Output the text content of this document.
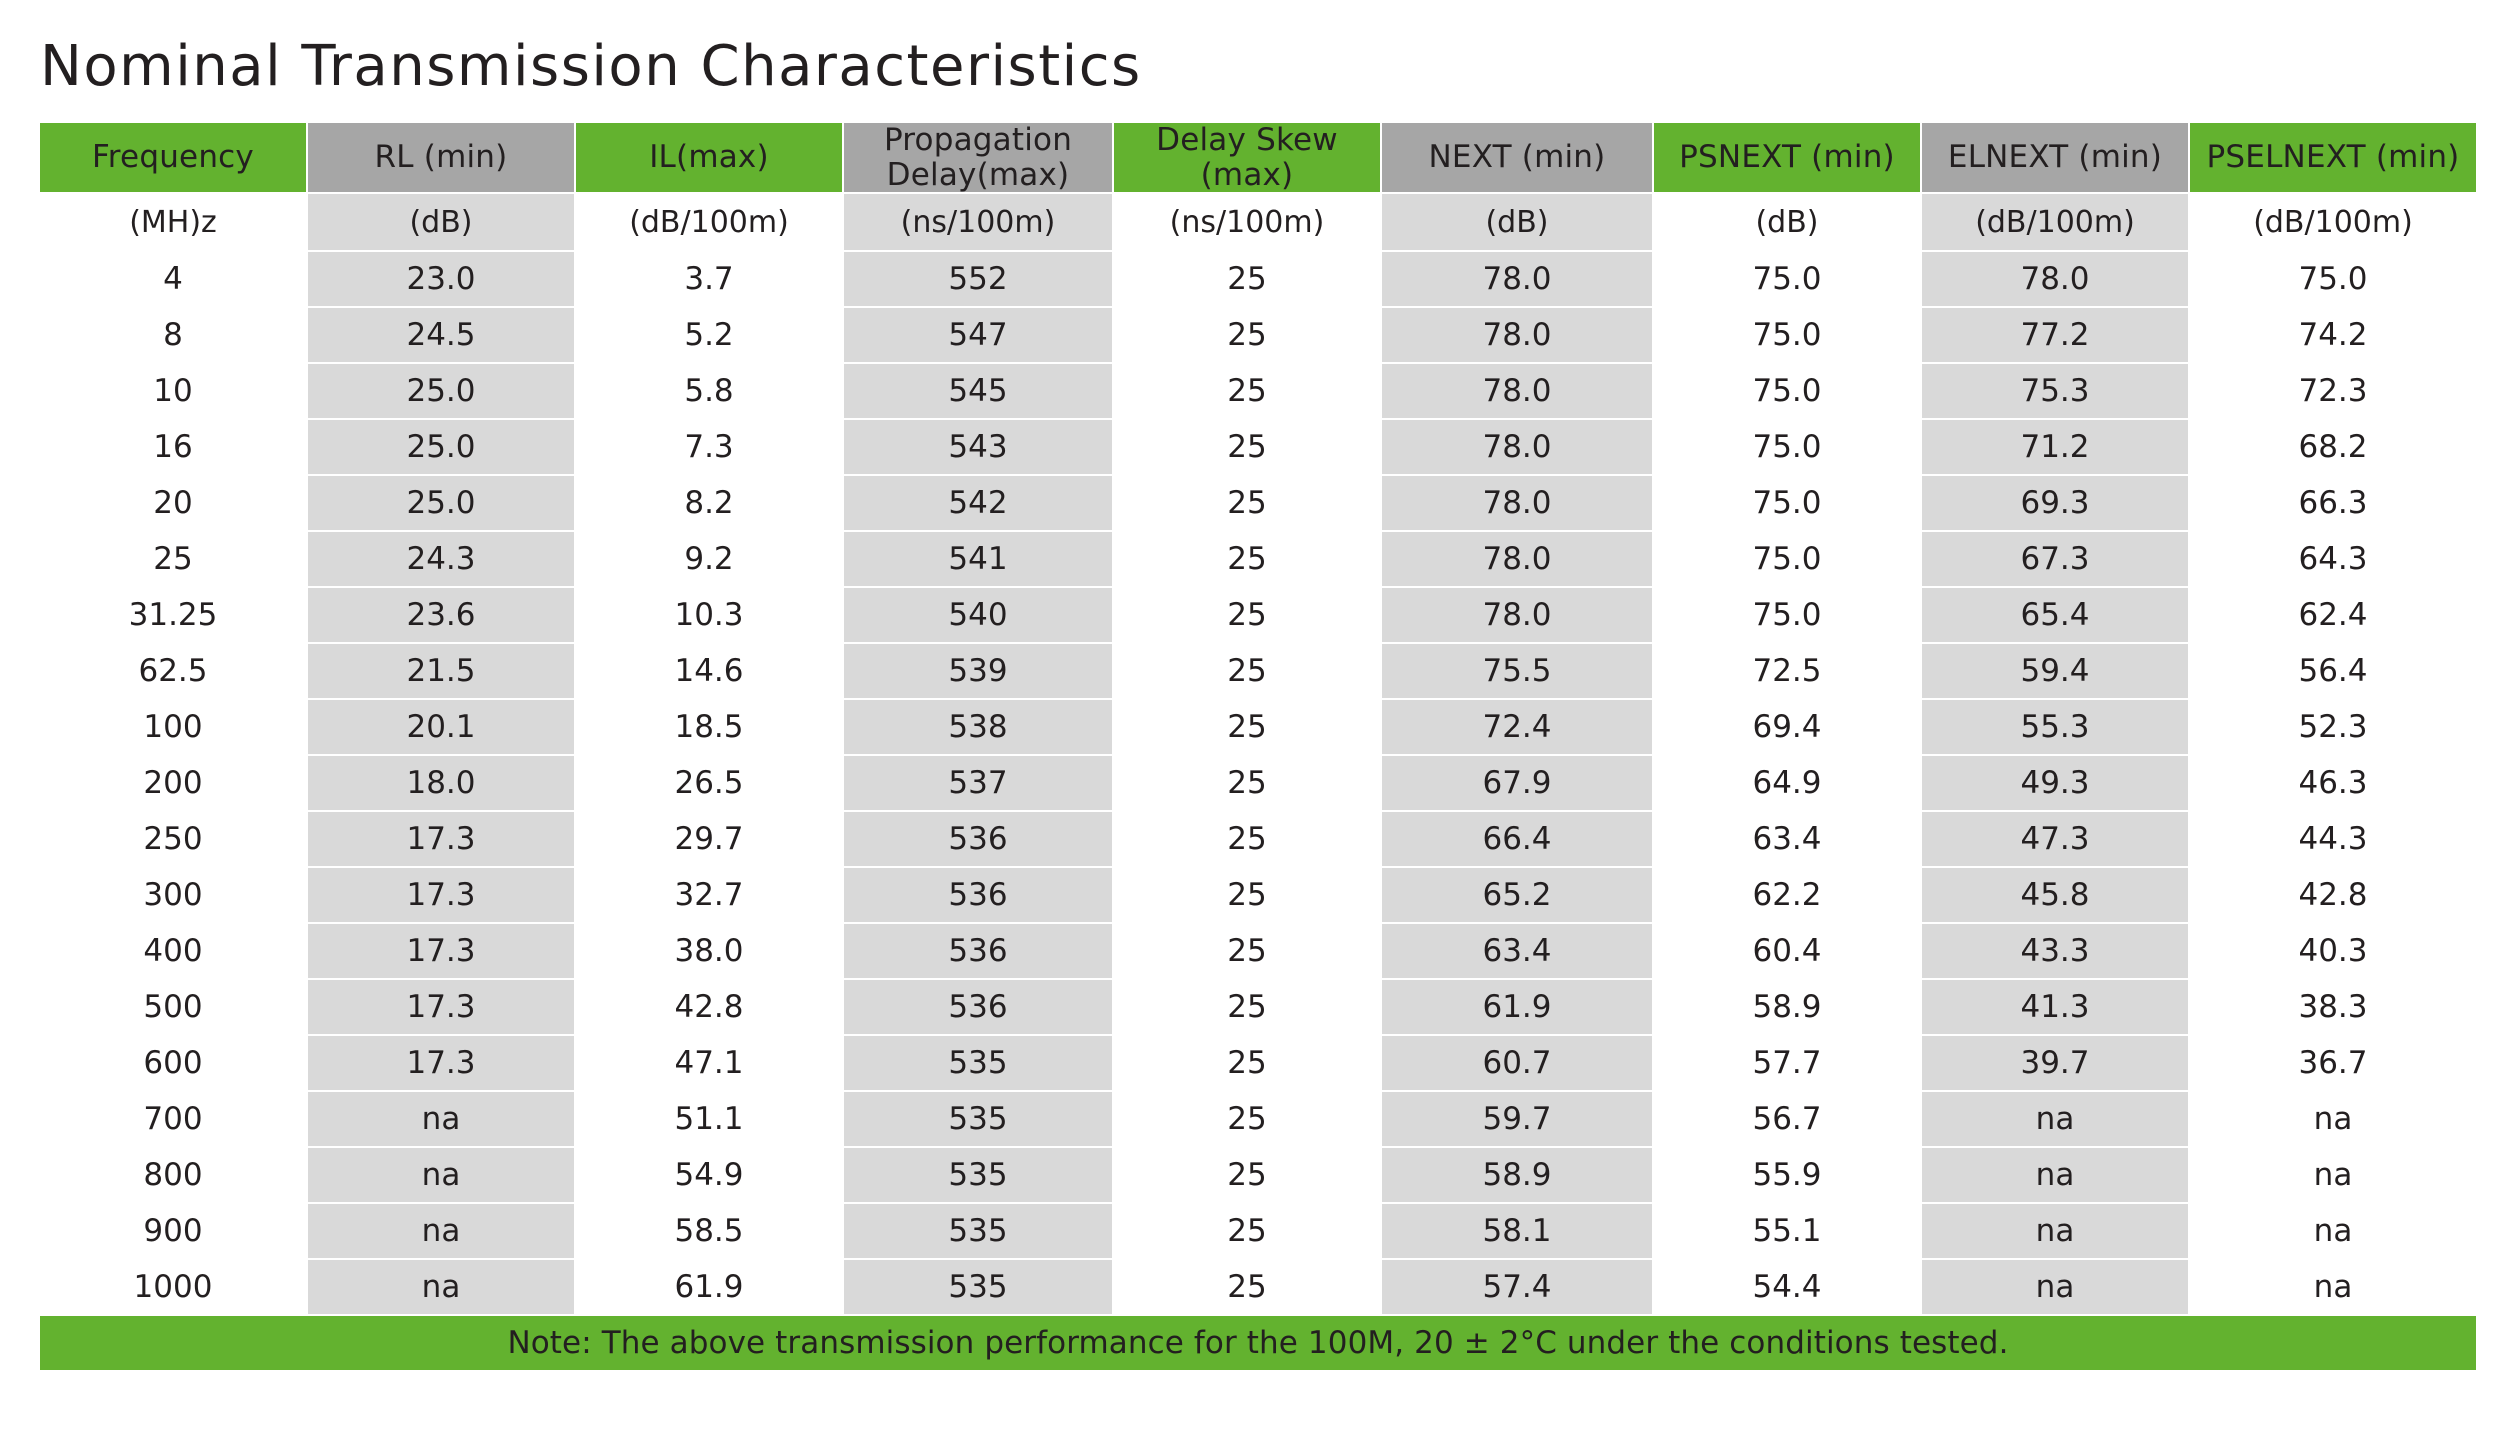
Nominal Transmission Characteristics
Frequency	RL (min)	IL(max)	Propagation Delay(max)	Delay Skew (max)	NEXT (min)	PSNEXT (min)	ELNEXT (min)	PSELNEXT (min)
(MH)z	(dB)	(dB/100m)	(ns/100m)	(ns/100m)	(dB)	(dB)	(dB/100m)	(dB/100m)
4	23.0	3.7	552	25	78.0	75.0	78.0	75.0
8	24.5	5.2	547	25	78.0	75.0	77.2	74.2
10	25.0	5.8	545	25	78.0	75.0	75.3	72.3
16	25.0	7.3	543	25	78.0	75.0	71.2	68.2
20	25.0	8.2	542	25	78.0	75.0	69.3	66.3
25	24.3	9.2	541	25	78.0	75.0	67.3	64.3
31.25	23.6	10.3	540	25	78.0	75.0	65.4	62.4
62.5	21.5	14.6	539	25	75.5	72.5	59.4	56.4
100	20.1	18.5	538	25	72.4	69.4	55.3	52.3
200	18.0	26.5	537	25	67.9	64.9	49.3	46.3
250	17.3	29.7	536	25	66.4	63.4	47.3	44.3
300	17.3	32.7	536	25	65.2	62.2	45.8	42.8
400	17.3	38.0	536	25	63.4	60.4	43.3	40.3
500	17.3	42.8	536	25	61.9	58.9	41.3	38.3
600	17.3	47.1	535	25	60.7	57.7	39.7	36.7
700	na	51.1	535	25	59.7	56.7	na	na
800	na	54.9	535	25	58.9	55.9	na	na
900	na	58.5	535	25	58.1	55.1	na	na
1000	na	61.9	535	25	57.4	54.4	na	na
Note: The above transmission performance for the 100M, 20 ± 2°C under the conditions tested.								
